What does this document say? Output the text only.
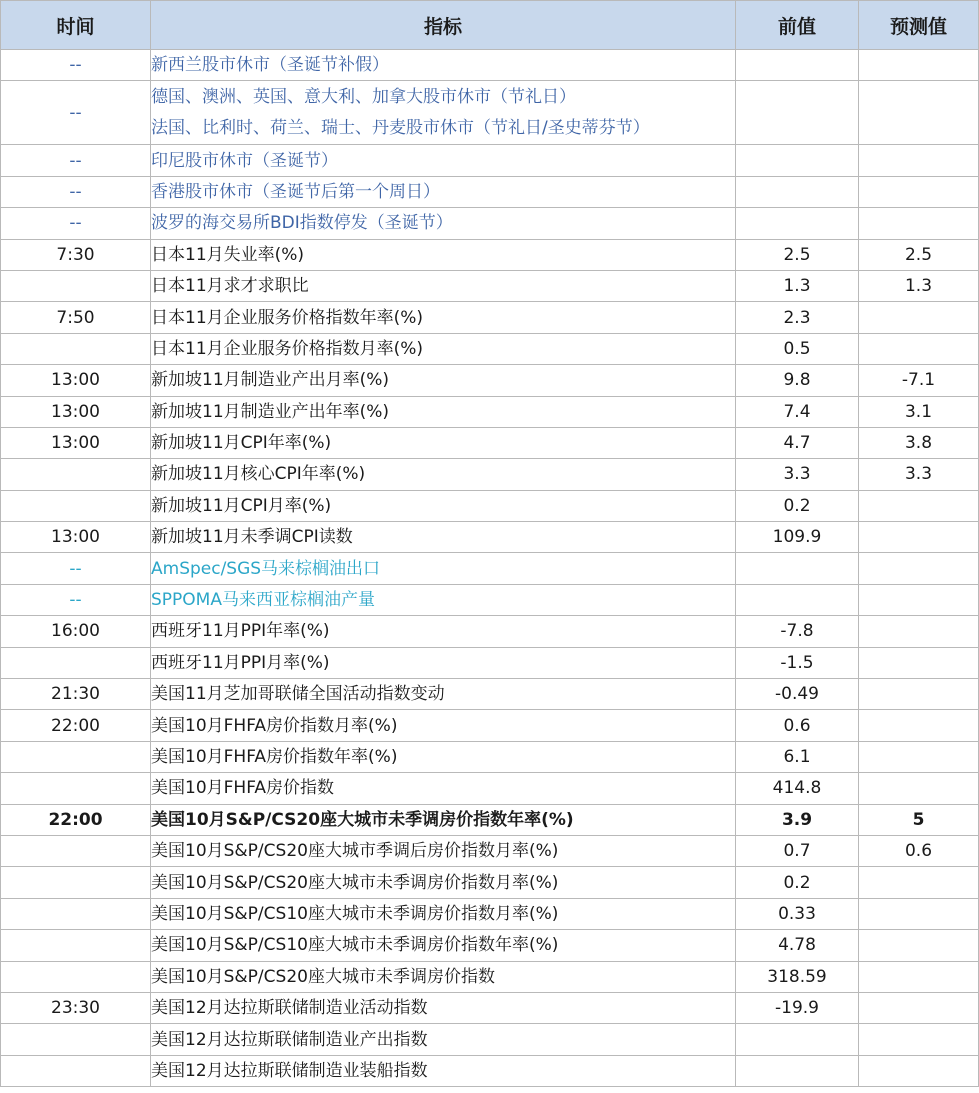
时间	指标	前值	预测值
--	新西兰股市休市（圣诞节补假）		
--	德国、澳洲、英国、意大利、加拿大股市休市（节礼日）
法国、比利时、荷兰、瑞士、丹麦股市休市（节礼日/圣史蒂芬节）		

--	印尼股市休市（圣诞节）		
--	香港股市休市（圣诞节后第一个周日）		
--	波罗的海交易所BDI指数停发（圣诞节）		
7:30	日本11月失业率(%)	2.5	2.5
	日本11月求才求职比	1.3	1.3
7:50	日本11月企业服务价格指数年率(%)	2.3	
	日本11月企业服务价格指数月率(%)	0.5	
13:00	新加坡11月制造业产出月率(%)	9.8	-7.1
13:00	新加坡11月制造业产出年率(%)	7.4	3.1
13:00	新加坡11月CPI年率(%)	4.7	3.8
	新加坡11月核心CPI年率(%)	3.3	3.3
	新加坡11月CPI月率(%)	0.2	
13:00	新加坡11月未季调CPI读数	109.9	
--	AmSpec/SGS马来棕榈油出口		
--	SPPOMA马来西亚棕榈油产量		
16:00	西班牙11月PPI年率(%)	-7.8	
	西班牙11月PPI月率(%)	-1.5	
21:30	美国11月芝加哥联储全国活动指数变动	-0.49	
22:00	美国10月FHFA房价指数月率(%)	0.6	
	美国10月FHFA房价指数年率(%)	6.1	
	美国10月FHFA房价指数	414.8	
22:00	美国10月S&P/CS20座大城市未季调房价指数年率(%)	3.9	5
	美国10月S&P/CS20座大城市季调后房价指数月率(%)	0.7	0.6
	美国10月S&P/CS20座大城市未季调房价指数月率(%)	0.2	
	美国10月S&P/CS10座大城市未季调房价指数月率(%)	0.33	
	美国10月S&P/CS10座大城市未季调房价指数年率(%)	4.78	
	美国10月S&P/CS20座大城市未季调房价指数	318.59	
23:30	美国12月达拉斯联储制造业活动指数	-19.9	
	美国12月达拉斯联储制造业产出指数		
	美国12月达拉斯联储制造业装船指数		
